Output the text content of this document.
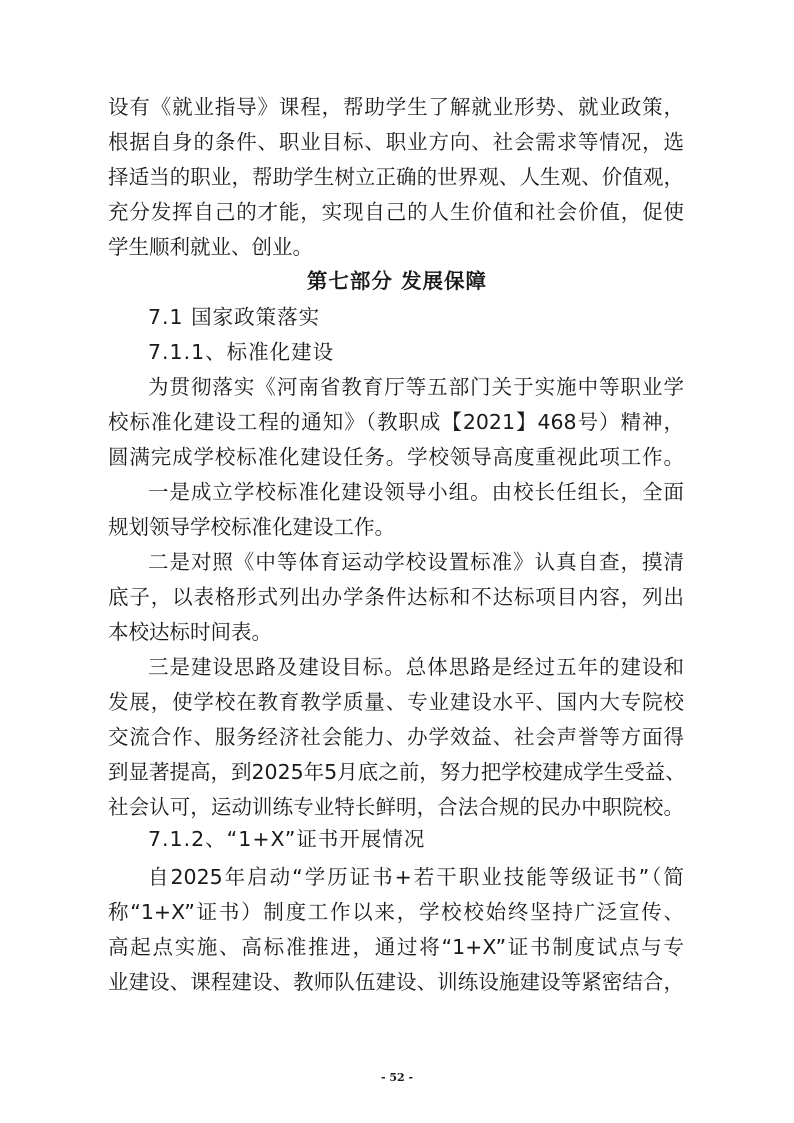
设有《就业指导》课程，帮助学生了解就业形势、就业政策，
根据自身的条件、职业目标、职业方向、社会需求等情况，选
择适当的职业，帮助学生树立正确的世界观、人生观、价值观，
充分发挥自己的才能，实现自己的人生价值和社会价值，促使
学生顺利就业、创业。
第七部分 发展保障
7.1 国家政策落实
7.1.1、标准化建设
为贯彻落实《河南省教育厅等五部门关于实施中等职业学
校标准化建设工程的通知》（教职成【2021】468号）精神，
圆满完成学校标准化建设任务。学校领导高度重视此项工作。
一是成立学校标准化建设领导小组。由校长任组长，全面
规划领导学校标准化建设工作。
二是对照《中等体育运动学校设置标准》认真自查，摸清
底子，以表格形式列出办学条件达标和不达标项目内容，列出
本校达标时间表。
三是建设思路及建设目标。总体思路是经过五年的建设和
发展，使学校在教育教学质量、专业建设水平、国内大专院校
交流合作、服务经济社会能力、办学效益、社会声誉等方面得
到显著提高，到2025年5月底之前，努力把学校建成学生受益、
社会认可，运动训练专业特长鲜明，合法合规的民办中职院校。
7.1.2、“1+X”证书开展情况
自2025年启动“学历证书+若干职业技能等级证书”（简
称“1+X”证书）制度工作以来，学校校始终坚持广泛宣传、
高起点实施、高标准推进，通过将“1+X”证书制度试点与专
业建设、课程建设、教师队伍建设、训练设施建设等紧密结合，
- 52 -
